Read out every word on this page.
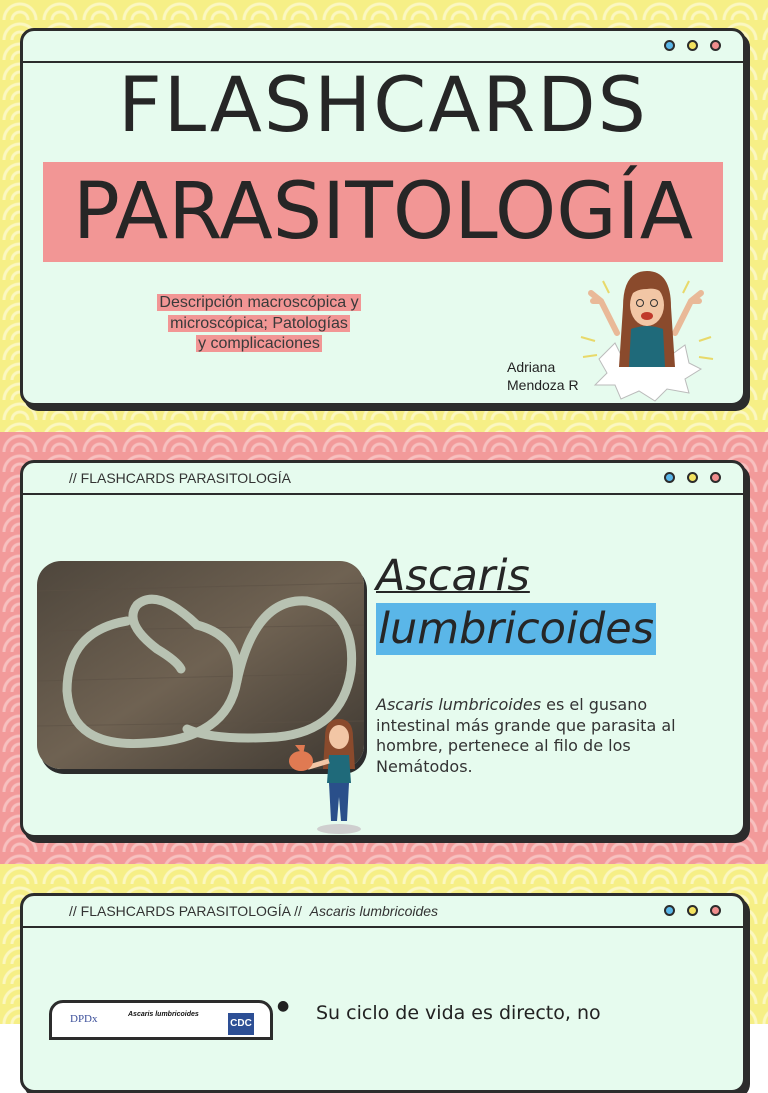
FLASHCARDS
PARASITOLOGÍA
Descripción macroscópica y
microscópica; Patologías
y complicaciones
Adriana
Mendoza R
// FLASHCARDS PARASITOLOGÍA
Ascaris
lumbricoides
Ascaris lumbricoides es el gusano intestinal más grande que parasita al hombre, pertenece al filo de los Nemátodos.
// FLASHCARDS PARASITOLOGÍA // Ascaris lumbricoides
DPDx	Ascaris lumbricoides
CDC
● Su ciclo de vida es directo, no
